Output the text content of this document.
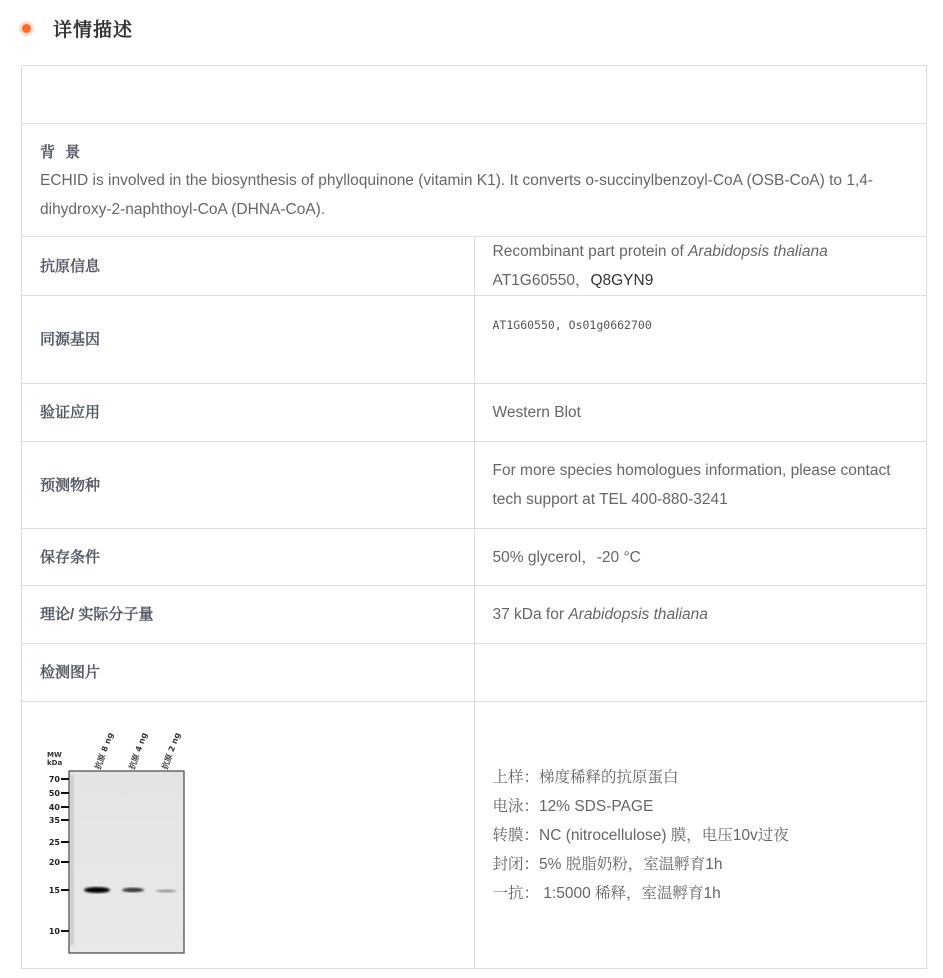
详情描述

背 景
ECHID is involved in the biosynthesis of phylloquinone (vitamin K1). It converts o-succinylbenzoyl-CoA (OSB-CoA) to 1,4-dihydroxy-2-naphthoyl-CoA (DHNA-CoA).	

抗原信息	Recombinant part protein of Arabidopsis thaliana AT1G60550，Q8GYN9
同源基因	AT1G60550, Os01g0662700
验证应用	Western Blot
预测物种	For more species homologues information, please contact tech support at TEL 400-880-3241
保存条件	50% glycerol，-20 °C
理论/ 实际分子量	37 kDa for Arabidopsis thaliana
检测图片	

抗原 8 ng 抗原 4 ng 抗原 2 ng
MW
kDa
70
50
40
35
25
20
15
10

上样：梯度稀释的抗原蛋白
电泳：12% SDS-PAGE
转膜：NC (nitrocellulose) 膜，电压10v过夜
封闭：5% 脱脂奶粉，室温孵育1h
一抗： 1:5000 稀释，室温孵育1h
